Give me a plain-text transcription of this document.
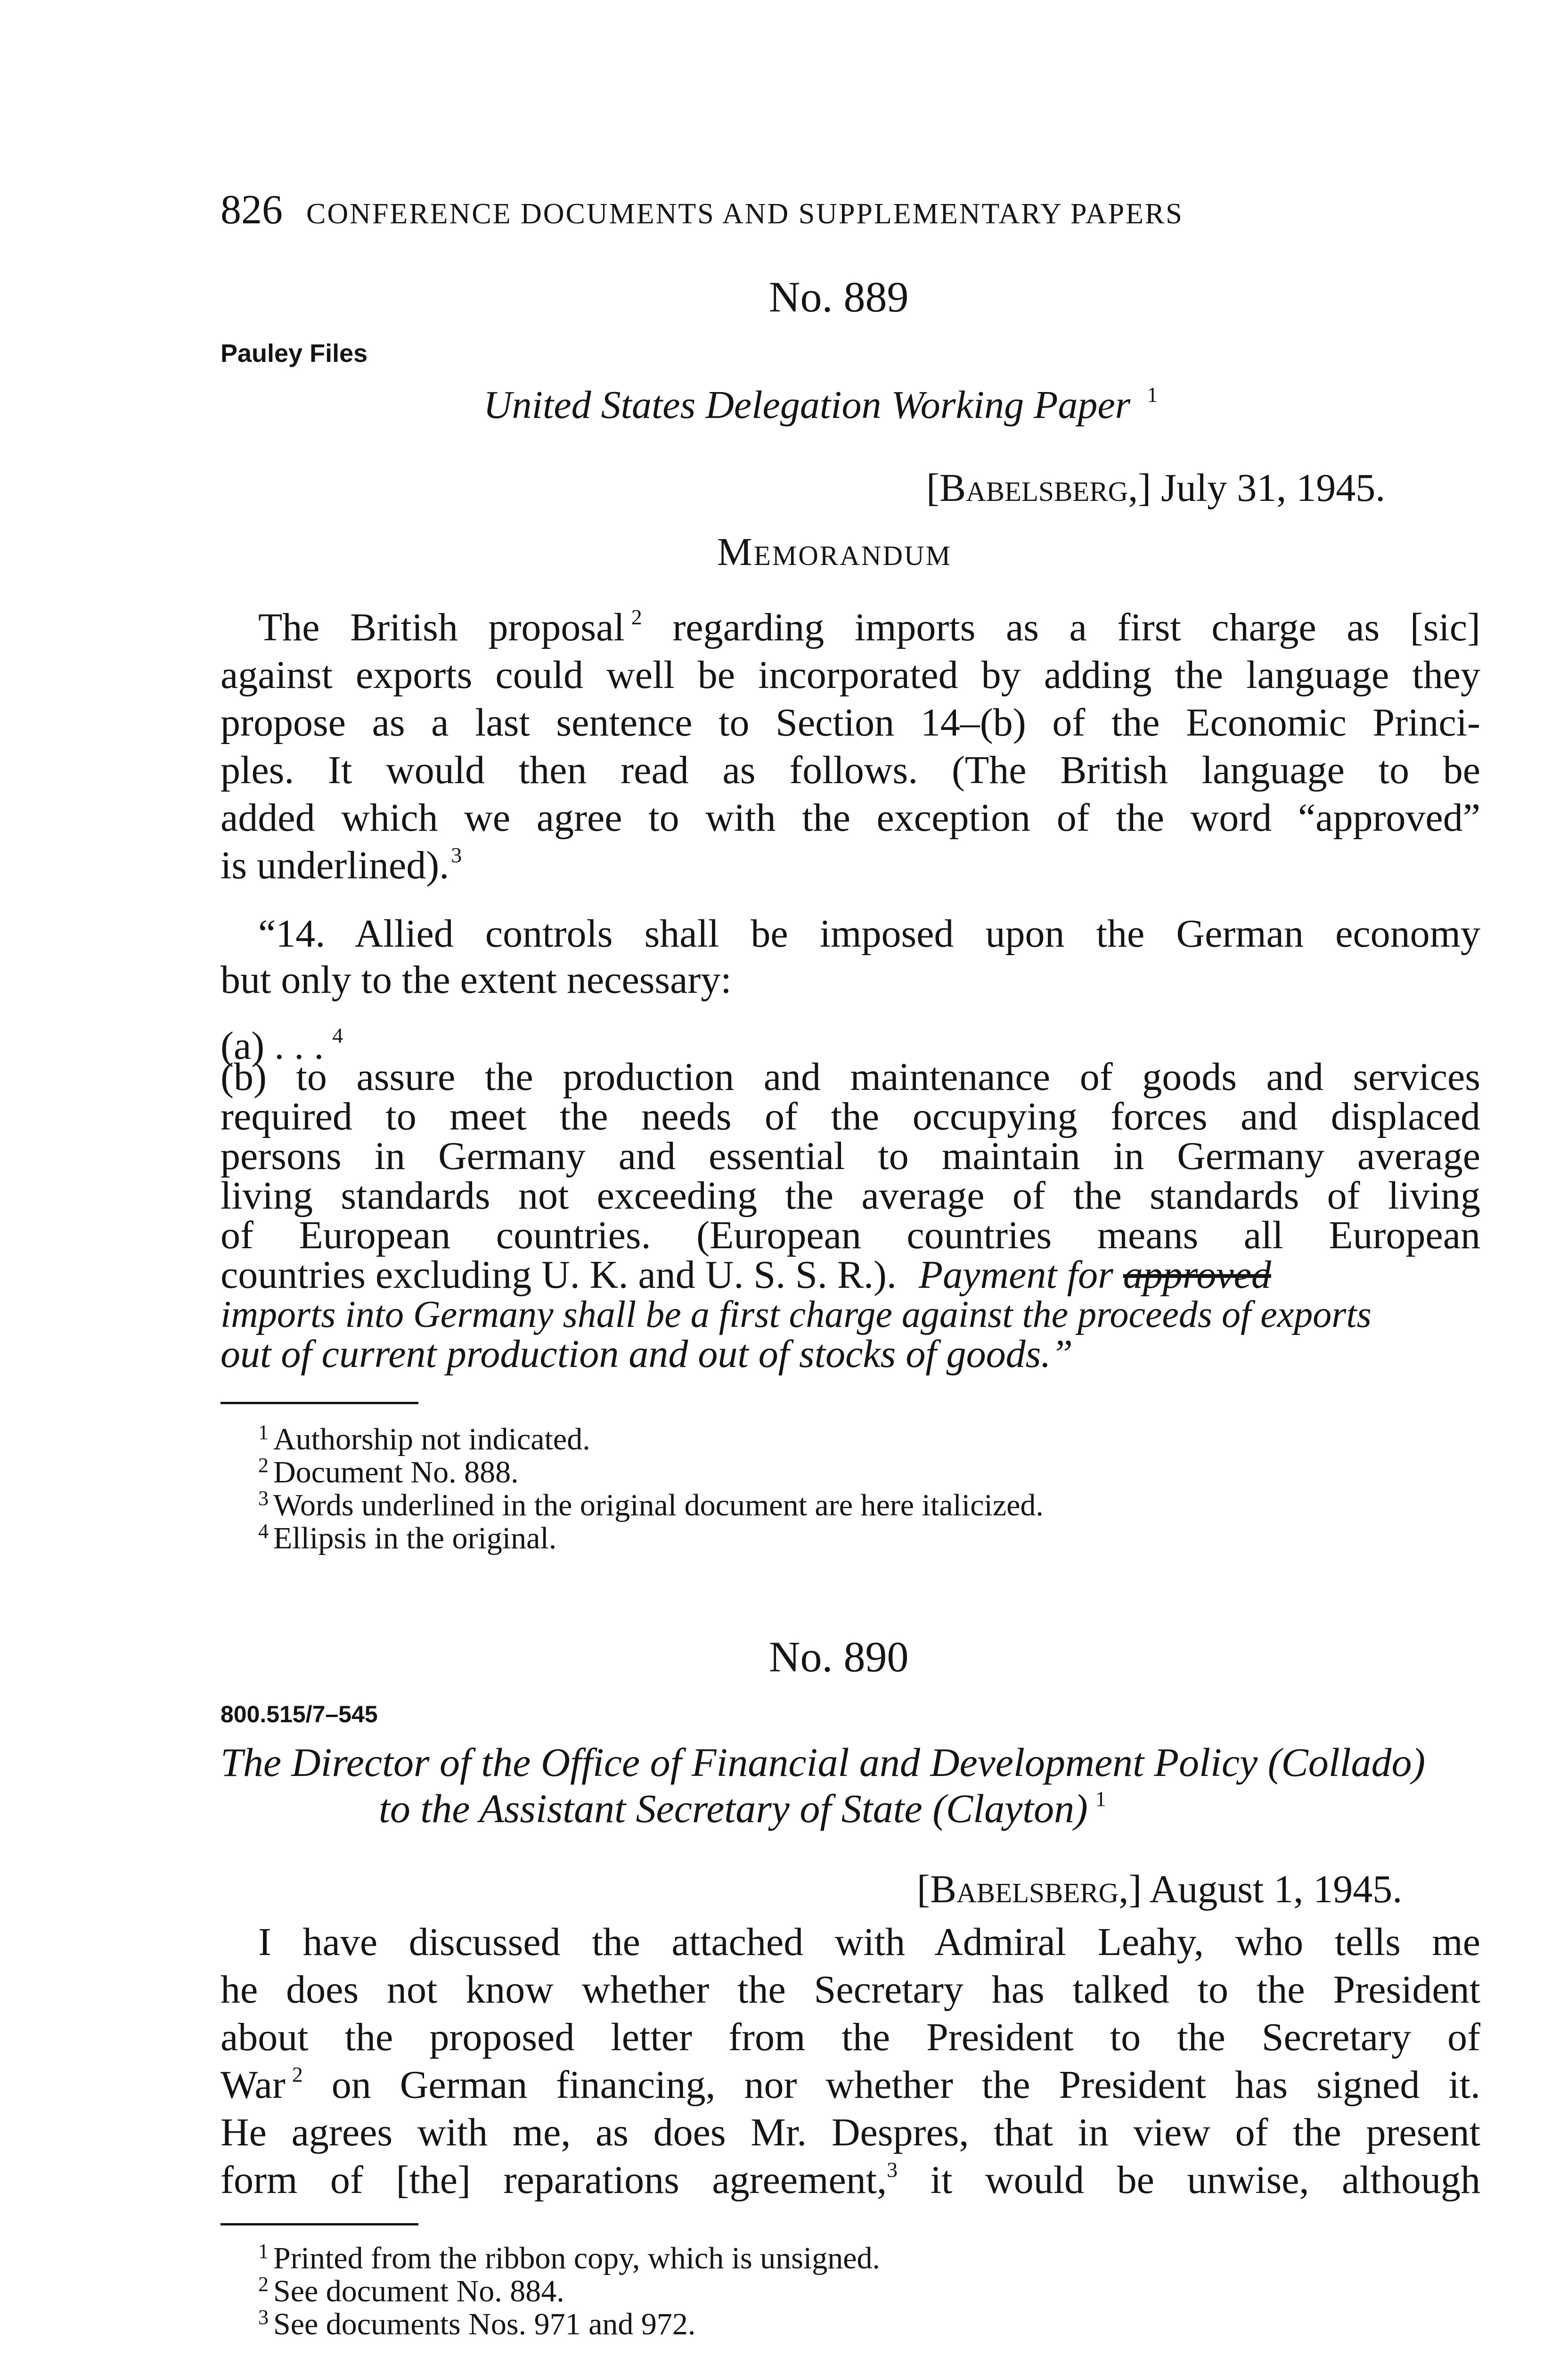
826 CONFERENCE DOCUMENTS AND SUPPLEMENTARY PAPERS
No. 889
Pauley Files
United States Delegation Working Paper $^1$
[Babelsberg,] July 31, 1945.
Memorandum
The British proposal $^2$ regarding imports as a first charge as [sic]
against exports could well be incorporated by adding the language they
propose as a last sentence to Section 14–(b) of the Economic Princi-
ples. It would then read as follows. (The British language to be
added which we agree to with the exception of the word “approved”
is underlined).$^3$
“14. Allied controls shall be imposed upon the German economy
but only to the extent necessary:
(a) . . . $^4$
(b) to assure the production and maintenance of goods and services
required to meet the needs of the occupying forces and displaced
persons in Germany and essential to maintain in Germany average
living standards not exceeding the average of the standards of living
of European countries. (European countries means all European
countries excluding U. K. and U. S. S. R.). Payment for approved
imports into Germany shall be a first charge against the proceeds of exports
out of current production and out of stocks of goods.”
$^1$ Authorship not indicated.
$^2$ Document No. 888.
$^3$ Words underlined in the original document are here italicized.
$^4$ Ellipsis in the original.
No. 890
800.515/7–545
The Director of the Office of Financial and Development Policy (Collado)
to the Assistant Secretary of State (Clayton) $^1$
[Babelsberg,] August 1, 1945.
I have discussed the attached with Admiral Leahy, who tells me
he does not know whether the Secretary has talked to the President
about the proposed letter from the President to the Secretary of
War $^2$ on German financing, nor whether the President has signed it.
He agrees with me, as does Mr. Despres, that in view of the present
form of [the] reparations agreement,$^3$ it would be unwise, although
$^1$ Printed from the ribbon copy, which is unsigned.
$^2$ See document No. 884.
$^3$ See documents Nos. 971 and 972.
